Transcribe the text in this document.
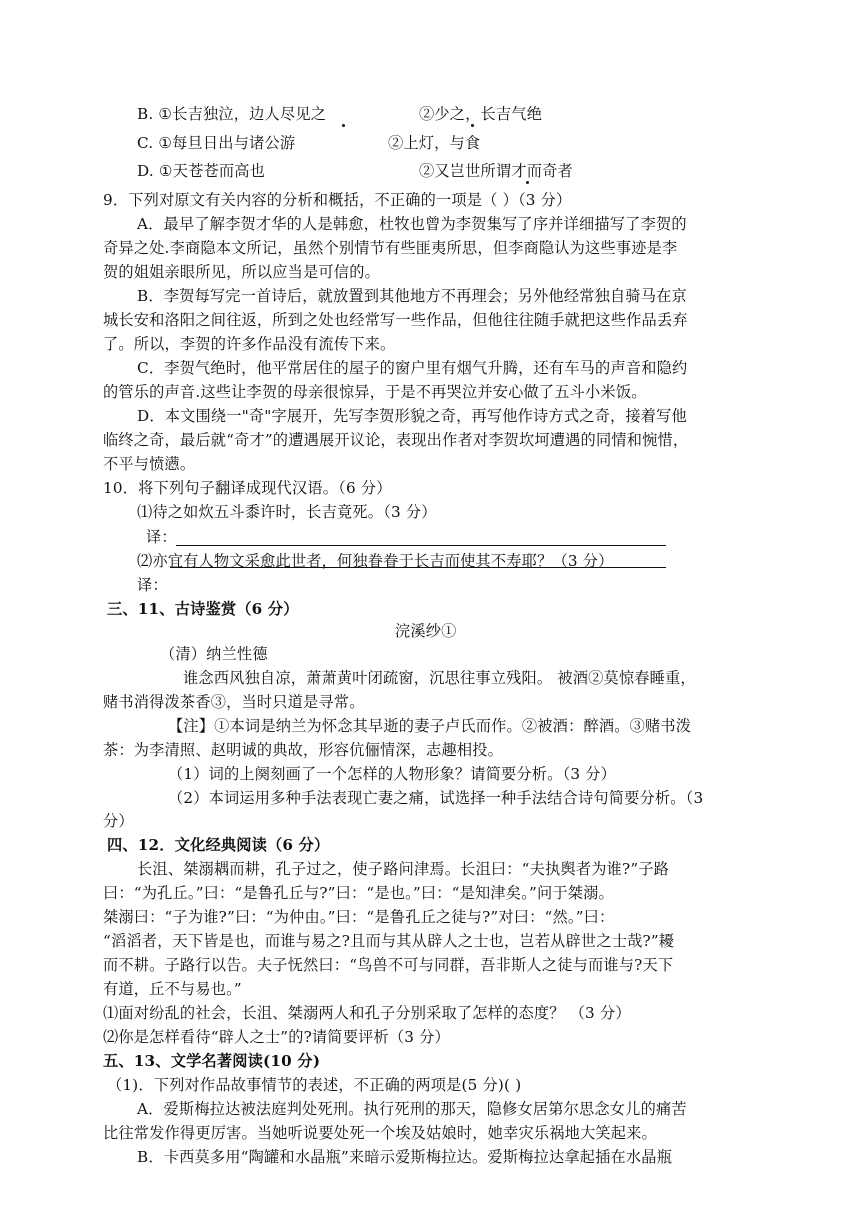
B. ①长吉独泣，边人尽见之	②少之，长吉气绝
C. ①每旦日出与诸公游	②上灯，与食
D. ①天苍苍而高也	②又岂世所谓才而奇者
9．下列对原文有关内容的分析和概括，不正确的一项是（ ）（3 分）
A．最早了解李贺才华的人是韩愈，杜牧也曾为李贺集写了序并详细描写了李贺的
奇异之处.李商隐本文所记，虽然个别情节有些匪夷所思，但李商隐认为这些事迹是李
贺的姐姐亲眼所见，所以应当是可信的。
B．李贺每写完一首诗后，就放置到其他地方不再理会；另外他经常独自骑马在京
城长安和洛阳之间往返，所到之处也经常写一些作品，但他往往随手就把这些作品丢弃
了。所以，李贺的许多作品没有流传下来。
C．李贺气绝时，他平常居住的屋子的窗户里有烟气升腾，还有车马的声音和隐约
的管乐的声音.这些让李贺的母亲很惊异，于是不再哭泣并安心做了五斗小米饭。
D．本文围绕一"奇"字展开，先写李贺形貌之奇，再写他作诗方式之奇，接着写他
临终之奇，最后就“奇才”的遭遇展开议论，表现出作者对李贺坎坷遭遇的同情和惋惜，
不平与愤懑。
10．将下列句子翻译成现代汉语。（6 分）
⑴待之如炊五斗黍许时，长吉竟死。（3 分）
译：
⑵亦宜有人物文采愈此世者，何独眷眷于长吉而使其不寿耶？（3 分）
译：
三、11、古诗鉴赏（6 分）
浣溪纱①
（清）纳兰性德
谁念西风独自凉，萧萧黄叶闭疏窗，沉思往事立残阳。 被酒②莫惊春睡重，
赌书消得泼茶香③，当时只道是寻常。
【注】①本词是纳兰为怀念其早逝的妻子卢氏而作。②被酒：醉酒。③赌书泼
茶：为李清照、赵明诚的典故，形容伉俪情深，志趣相投。
（1）词的上阕刻画了一个怎样的人物形象？请简要分析。（3 分）
（2）本词运用多种手法表现亡妻之痛，试选择一种手法结合诗句简要分析。（3
分）
四、12．文化经典阅读（6 分）
长沮、桀溺耦而耕，孔子过之，使子路问津焉。长沮曰：“夫执舆者为谁?”子路
曰：“为孔丘。”曰：“是鲁孔丘与?”曰：“是也。”曰：“是知津矣。”问于桀溺。
桀溺曰：“子为谁?”曰：“为仲由。”曰：“是鲁孔丘之徒与?”对曰：“然。”曰：
“滔滔者，天下皆是也，而谁与易之?且而与其从辟人之士也，岂若从辟世之士哉?”耰
而不耕。子路行以告。夫子怃然曰：“鸟兽不可与同群，吾非斯人之徒与而谁与?天下
有道，丘不与易也。”
⑴面对纷乱的社会，长沮、桀溺两人和孔子分别采取了怎样的态度？ （3 分）
⑵你是怎样看待“辟人之士”的?请简要评析（3 分）
五、13、文学名著阅读(10 分)
（1)．下列对作品故事情节的表述，不正确的两项是(5 分)( )
A．爱斯梅拉达被法庭判处死刑。执行死刑的那天，隐修女居第尔思念女儿的痛苦
比往常发作得更厉害。当她听说要处死一个埃及姑娘时，她幸灾乐祸地大笑起来。
B．卡西莫多用“陶罐和水晶瓶”来暗示爱斯梅拉达。爱斯梅拉达拿起插在水晶瓶
